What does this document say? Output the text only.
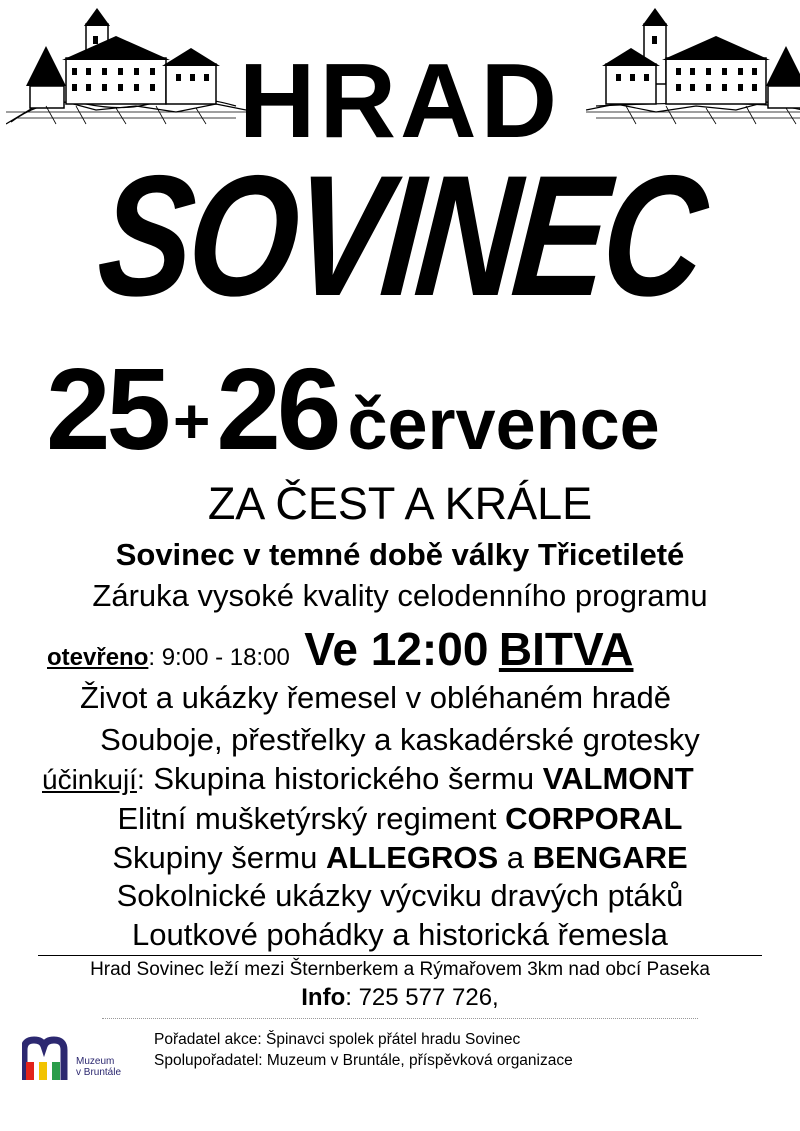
HRAD
SOVINEC
25+26 července
ZA ČEST A KRÁLE
Sovinec v temné době války Třicetileté
Záruka vysoké kvality celodenního programu
otevřeno: 9:00 - 18:00 Ve 12:00 BITVA
Život a ukázky řemesel v obléhaném hradě
Souboje, přestřelky a kaskadérské grotesky
účinkují: Skupina historického šermu VALMONT
Elitní mušketýrský regiment CORPORAL
Skupiny šermu ALLEGROS a BENGARE
Sokolnické ukázky výcviku dravých ptáků
Loutkové pohádky a historická řemesla
Hrad Sovinec leží mezi Šternberkem a Rýmařovem 3km nad obcí Paseka
Info: 725 577 726,
Muzeum
v Bruntále
Pořadatel akce: Špinavci spolek přátel hradu Sovinec
Spolupořadatel: Muzeum v Bruntále, příspěvková organizace
